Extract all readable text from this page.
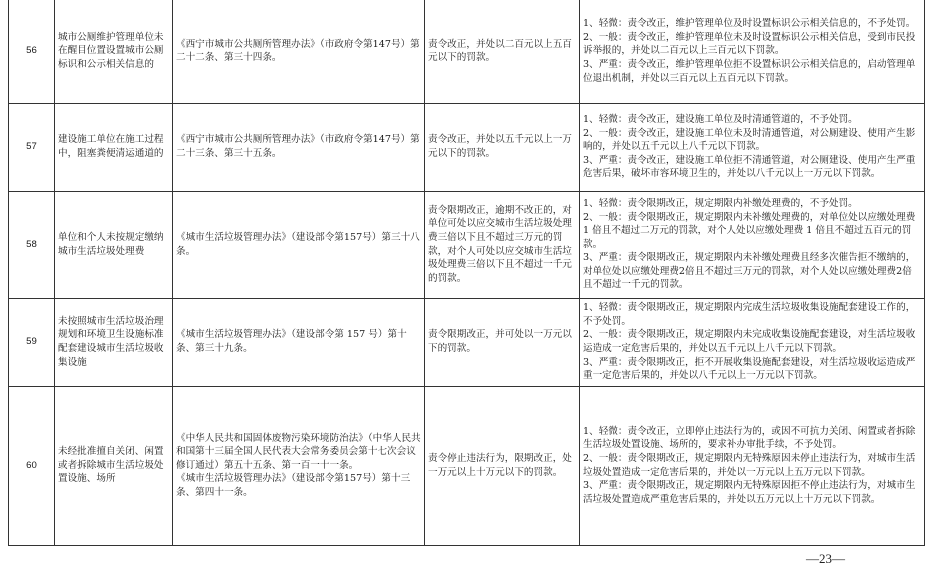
56	城市公厕维护管理单位未在醒目位置设置城市公厕标识和公示相关信息的	《西宁市城市公共厕所管理办法》（市政府令第147号）第二十二条、第三十四条。	责令改正，并处以二百元以上五百元以下的罚款。	1、轻微：责令改正，维护管理单位及时设置标识公示相关信息的，不予处罚。
2、一般：责令改正，维护管理单位未及时设置标识公示相关信息，受到市民投诉举报的，并处以二百元以上三百元以下罚款。
3、严重：责令改正，维护管理单位拒不设置标识公示相关信息的，启动管理单位退出机制，并处以三百元以上五百元以下罚款。

57	建设施工单位在施工过程中，阻塞粪便清运通道的	《西宁市城市公共厕所管理办法》（市政府令第147号）第二十三条、第三十五条。	责令改正，并处以五千元以上一万元以下的罚款。	1、轻微：责令改正，建设施工单位及时清通管道的，不予处罚。
2、一般：责令改正，建设施工单位未及时清通管道，对公厕建设、使用产生影响的，并处以五千元以上八千元以下罚款。
3、严重：责令改正，建设施工单位拒不清通管道，对公厕建设、使用产生严重危害后果，破坏市容环境卫生的，并处以八千元以上一万元以下罚款。

58	单位和个人未按规定缴纳城市生活垃圾处理费	《城市生活垃圾管理办法》（建设部令第157号）第三十八条。	责令限期改正，逾期不改正的，对单位可处以应交城市生活垃圾处理费三倍以下且不超过三万元的罚款，对个人可处以应交城市生活垃圾处理费三倍以下且不超过一千元的罚款。	1、轻微：责令限期改正，规定期限内补缴处理费的，不予处罚。
2、一般：责令限期改正，规定期限内未补缴处理费的，对单位处以应缴处理费 1 倍且不超过二万元的罚款，对个人处以应缴处理费 1 倍且不超过五百元的罚款。
3、严重：责令限期改正，规定期限内未补缴处理费且经多次催告拒不缴纳的，对单位处以应缴处理费2倍且不超过三万元的罚款，对个人处以应缴处理费2倍且不超过一千元的罚款。

59	未按照城市生活垃圾治理规划和环境卫生设施标准配套建设城市生活垃圾收集设施	《城市生活垃圾管理办法》（建设部令第 157 号）第十条、第三十九条。	责令限期改正，并可处以一万元以下的罚款。	1、轻微：责令限期改正，规定期限内完成生活垃圾收集设施配套建设工作的，不予处罚。
2、一般：责令限期改正，规定期限内未完成收集设施配套建设，对生活垃圾收运造成一定危害后果的，并处以五千元以上八千元以下罚款。
3、严重：责令限期改正，拒不开展收集设施配套建设，对生活垃圾收运造成严重一定危害后果的，并处以八千元以上一万元以下罚款。

60	未经批准擅自关闭、闲置或者拆除城市生活垃圾处置设施、场所	《中华人民共和国固体废物污染环境防治法》（中华人民共和国第十三届全国人民代表大会常务委员会第十七次会议修订通过）第五十五条、第一百一十一条。
《城市生活垃圾管理办法》（建设部令第157号）第十三条、第四十一条。	责令停止违法行为，限期改正，处一万元以上十万元以下的罚款。	1、轻微：责令改正，立即停止违法行为的，或因不可抗力关闭、闲置或者拆除生活垃圾处置设施、场所的，要求补办审批手续，不予处罚。
2、一般：责令限期改正，规定期限内无特殊原因未停止违法行为，对城市生活垃圾处置造成一定危害后果的，并处以一万元以上五万元以下罚款。
3、严重：责令限期改正，规定期限内无特殊原因拒不停止违法行为，对城市生活垃圾处置造成严重危害后果的，并处以五万元以上十万元以下罚款。
—23—
